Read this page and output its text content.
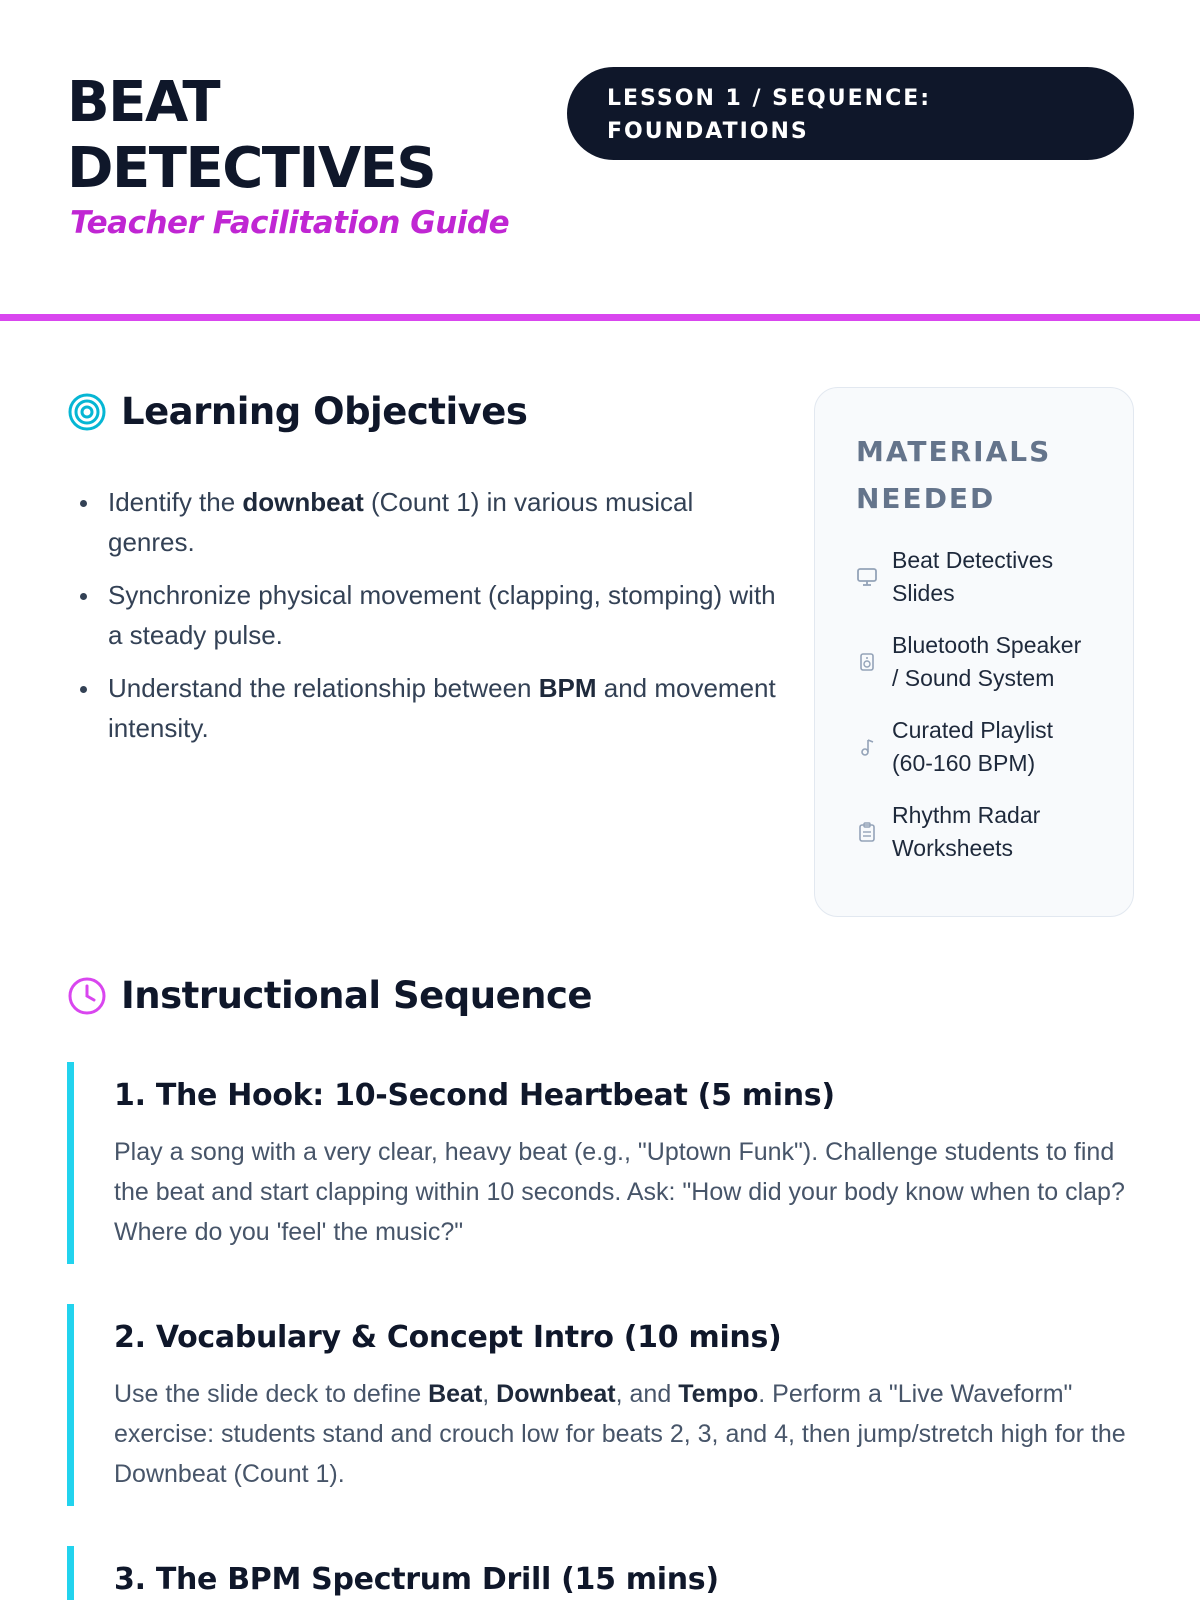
BEAT
DETECTIVES
Teacher Facilitation Guide
LESSON 1 / SEQUENCE:
FOUNDATIONS
Learning Objectives
Identify the downbeat (Count 1) in various musical genres.
Synchronize physical movement (clapping, stomping) with a steady pulse.
Understand the relationship between BPM and movement intensity.
MATERIALS NEEDED
Beat Detectives Slides
Bluetooth Speaker / Sound System
Curated Playlist (60-160 BPM)
Rhythm Radar Worksheets
Instructional Sequence
1. The Hook: 10-Second Heartbeat (5 mins)
Play a song with a very clear, heavy beat (e.g., "Uptown Funk"). Challenge students to find the beat and start clapping within 10 seconds. Ask: "How did your body know when to clap? Where do you 'feel' the music?"
2. Vocabulary & Concept Intro (10 mins)
Use the slide deck to define Beat, Downbeat, and Tempo. Perform a "Live Waveform" exercise: students stand and crouch low for beats 2, 3, and 4, then jump/stretch high for the Downbeat (Count 1).
3. The BPM Spectrum Drill (15 mins)
